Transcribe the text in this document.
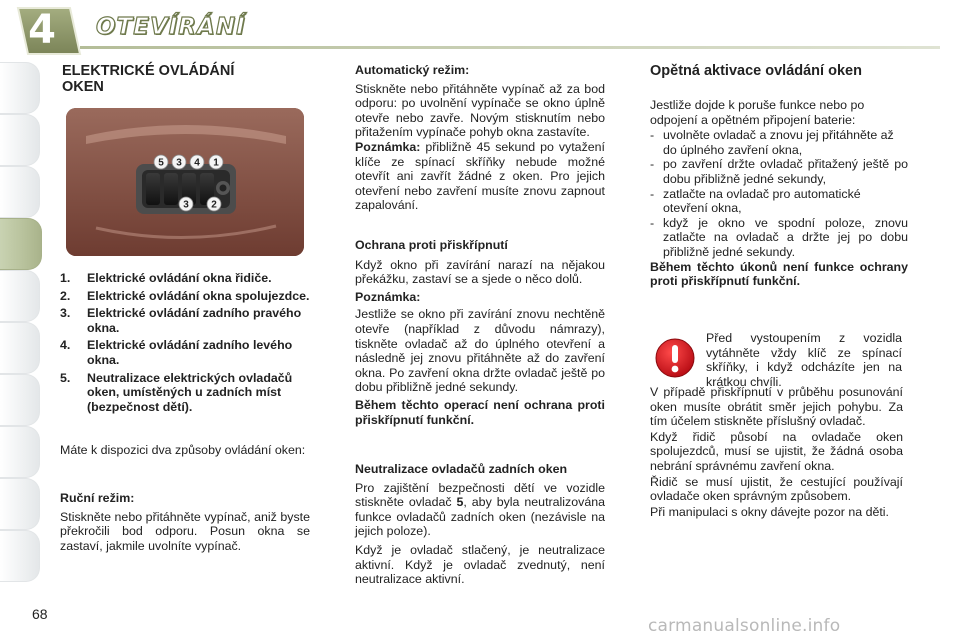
4 OTEVÍRÁNÍ

ELEKTRICKÉ OVLÁDÁNÍ OKEN

5 3 4 1
3 2
1.	Elektrické ovládání okna řidiče.
2.	Elektrické ovládání okna spolujezdce.
3.	Elektrické ovládání zadního pravého okna.
4.	Elektrické ovládání zadního levého okna.
5.	Neutralizace elektrických ovladačů oken, umístěných u zadních míst (bezpečnost dětí).

Máte k dispozici dva způsoby ovládání oken:

Ruční režim:

Stiskněte nebo přitáhněte vypínač, aniž byste překročili bod odporu. Posun okna se zastaví, jakmile uvolníte vypínač.

Automatický režim:

Stiskněte nebo přitáhněte vypínač až za bod odporu: po uvolnění vypínače se okno úplně otevře nebo zavře. Novým stisknutím nebo přitažením vypínače pohyb okna zastavíte.

Poznámka: přibližně 45 sekund po vytažení klíče ze spínací skříňky nebude možné otevřít ani zavřít žádné z oken. Pro jejich otevření nebo zavření musíte znovu zapnout zapalování.

Ochrana proti přiskřípnutí

Když okno při zavírání narazí na nějakou překážku, zastaví se a sjede o něco dolů.

Poznámka:

Jestliže se okno při zavírání znovu nechtěně otevře (například z důvodu námrazy), tiskněte ovladač až do úplného otevření a následně jej znovu přitáhněte až do zavření okna. Po zavření okna držte ovladač ještě po dobu přibližně jedné sekundy.

Během těchto operací není ochrana proti přiskřípnutí funkční.

Neutralizace ovladačů zadních oken

Pro zajištění bezpečnosti dětí ve vozidle stiskněte ovladač 5, aby byla neutralizována funkce ovladačů zadních oken (nezávisle na jejich poloze).

Když je ovladač stlačený, je neutralizace aktivní. Když je ovladač zvednutý, není neutralizace aktivní.

Opětná aktivace ovládání oken

Jestliže dojde k poruše funkce nebo po odpojení a opětném připojení baterie:

- uvolněte ovladač a znovu jej přitáhněte až do úplného zavření okna,
- po zavření držte ovladač přitažený ještě po dobu přibližně jedné sekundy,
- zatlačte na ovladač pro automatické otevření okna,
- když je okno ve spodní poloze, znovu zatlačte na ovladač a držte jej po dobu přibližně jedné sekundy.

Během těchto úkonů není funkce ochrany proti přiskřípnutí funkční.

Před vystoupením z vozidla vytáhněte vždy klíč ze spínací skříňky, i když odcházíte jen na krátkou chvíli.

V případě přiskřípnutí v průběhu posunování oken musíte obrátit směr jejich pohybu. Za tím účelem stiskněte příslušný ovladač.

Když řidič působí na ovladače oken spolujezdců, musí se ujistit, že žádná osoba nebrání správnému zavření okna.

Řidič se musí ujistit, že cestující používají ovladače oken správným způsobem.

Při manipulaci s okny dávejte pozor na děti.

68
carmanualsonline.info
